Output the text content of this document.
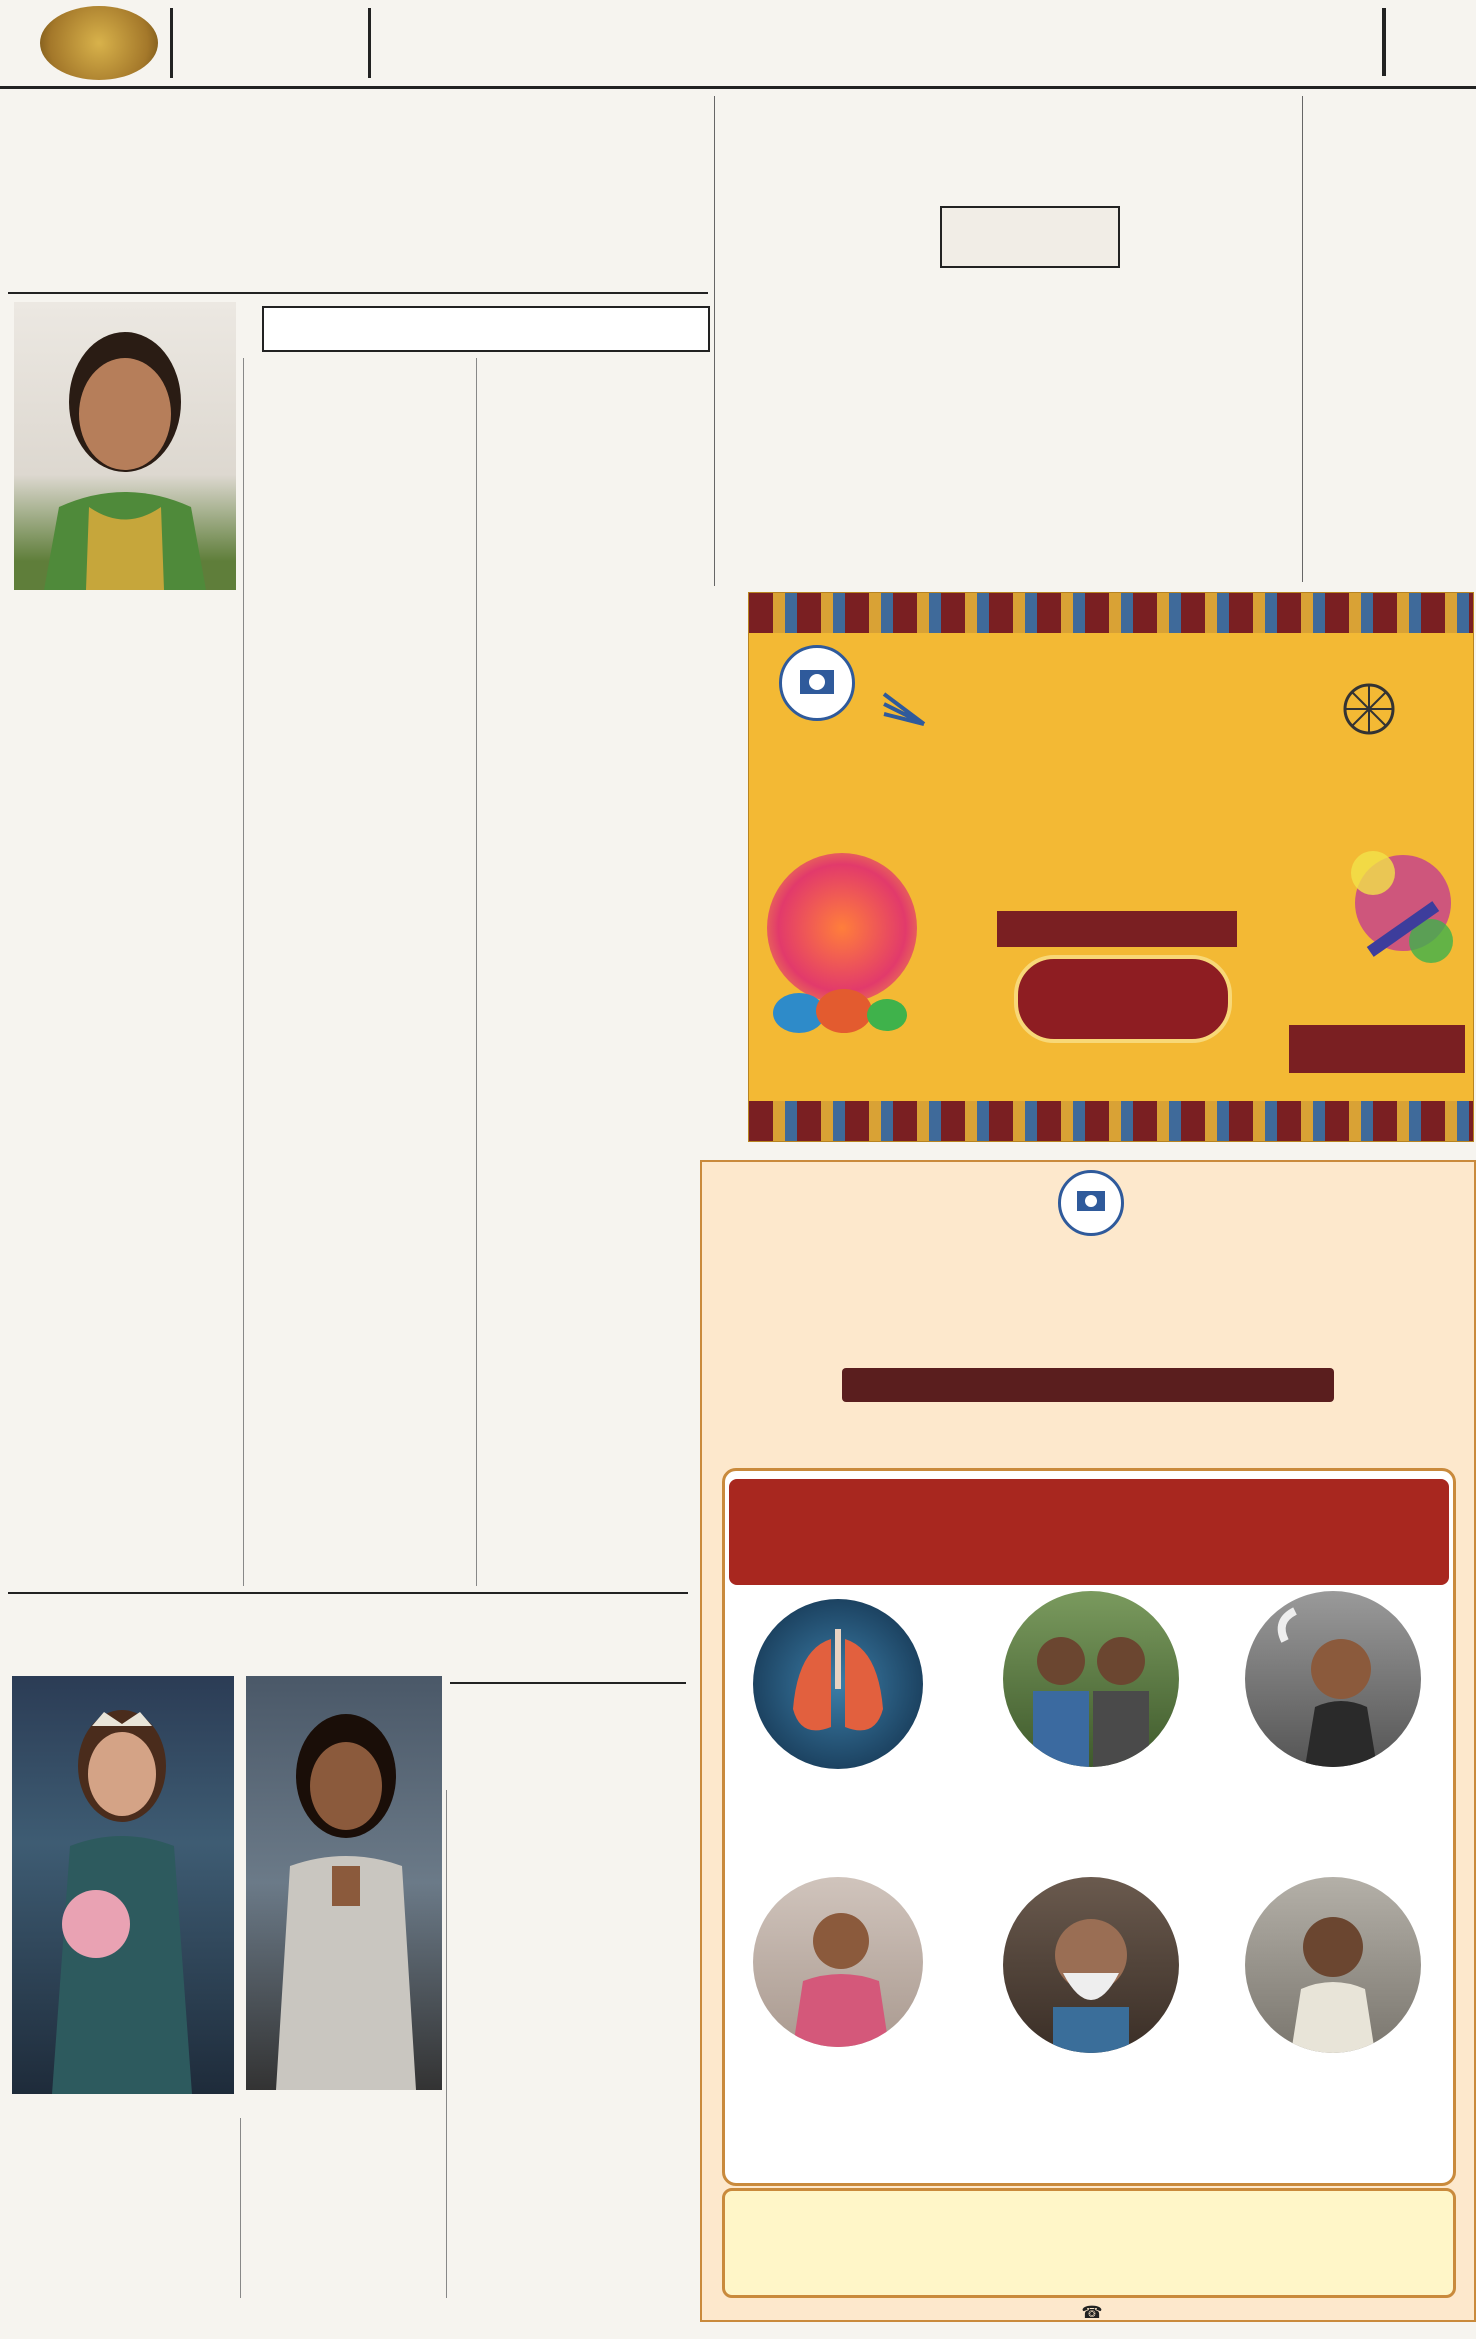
☎
